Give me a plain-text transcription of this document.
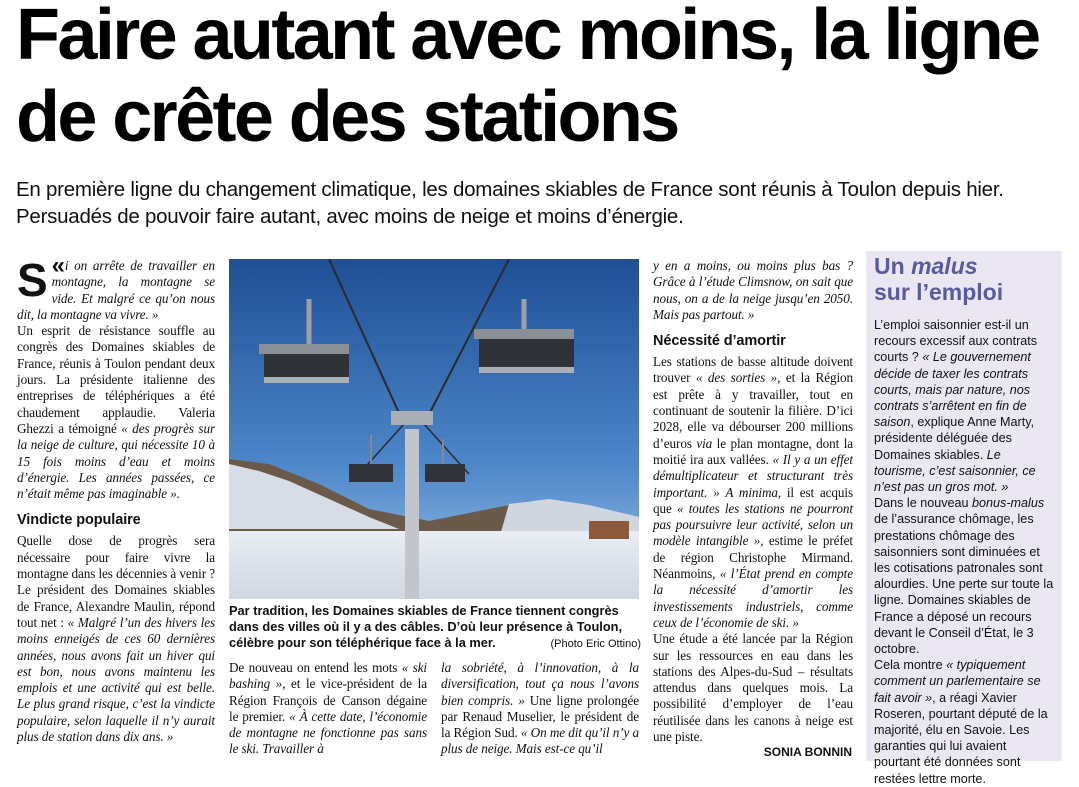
Faire autant avec moins, la ligne de crête des stations

En première ligne du changement climatique, les domaines skiables de France sont réunis à Toulon depuis hier. Persuadés de pouvoir faire autant, avec moins de neige et moins d’énergie.

«
S i on arrête de travailler en montagne, la montagne se vide. Et malgré ce qu’on nous dit, la montagne va vivre. »

Un esprit de résistance souffle au congrès des Domaines skiables de France, réunis à Toulon pendant deux jours. La présidente italienne des entreprises de téléphériques a été chaudement applaudie. Valeria Ghezzi a témoigné « des progrès sur la neige de culture, qui nécessite 10 à 15 fois moins d’eau et moins d’énergie. Les années passées, ce n’était même pas imaginable ».

Vindicte populaire

Quelle dose de progrès sera nécessaire pour faire vivre la montagne dans les décennies à venir ? Le président des Domaines skiables de France, Alexandre Maulin, répond tout net : « Malgré l’un des hivers les moins enneigés de ces 60 dernières années, nous avons fait un hiver qui est bon, nous avons maintenu les emplois et une activité qui est belle. Le plus grand risque, c’est la vindicte populaire, selon laquelle il n’y aurait plus de station dans dix ans. »

Par tradition, les Domaines skiables de France tiennent congrès dans des villes où il y a des câbles. D’où leur présence à Toulon, célèbre pour son téléphérique face à la mer.	(Photo Eric Ottino)

De nouveau on entend les mots « ski bashing », et le vice-président de la Région François de Canson dégaine le premier. « À cette date, l’économie de montagne ne fonctionne pas sans le ski. Travailler à

la sobriété, à l’innovation, à la diversification, tout ça nous l’avons bien compris. » Une ligne prolongée par Renaud Muselier, le président de la Région Sud. « On me dit qu’il n’y a plus de neige. Mais est-ce qu’il

y en a moins, ou moins plus bas ? Grâce à l’étude Climsnow, on sait que nous, on a de la neige jusqu’en 2050. Mais pas partout. »

Nécessité d’amortir

Les stations de basse altitude doivent trouver « des sorties », et la Région est prête à y travailler, tout en continuant de soutenir la filière. D’ici 2028, elle va débourser 200 millions d’euros via le plan montagne, dont la moitié ira aux vallées. « Il y a un effet démultiplicateur et structurant très important. » A minima, il est acquis que « toutes les stations ne pourront pas poursuivre leur activité, selon un modèle intangible », estime le préfet de région Christophe Mirmand. Néanmoins, « l’État prend en compte la nécessité d’amortir les investissements industriels, comme ceux de l’économie de ski. »

Une étude a été lancée par la Région sur les ressources en eau dans les stations des Alpes-du-Sud – résultats attendus dans quelques mois. La possibilité d’employer de l’eau réutilisée dans les canons à neige est une piste.

SONIA BONNIN
Un malus
sur l’emploi

L’emploi saisonnier est-il un recours excessif aux contrats courts ? « Le gouvernement décide de taxer les contrats courts, mais par nature, nos contrats s’arrêtent en fin de saison, explique Anne Marty, présidente déléguée des Domaines skiables. Le tourisme, c’est saisonnier, ce n’est pas un gros mot. »

Dans le nouveau bonus-malus de l’assurance chômage, les prestations chômage des saisonniers sont diminuées et les cotisations patronales sont alourdies. Une perte sur toute la ligne. Domaines skiables de France a déposé un recours devant le Conseil d’État, le 3 octobre.

Cela montre « typiquement comment un parlementaire se fait avoir », a réagi Xavier Roseren, pourtant député de la majorité, élu en Savoie. Les garanties qui lui avaient pourtant été données sont restées lettre morte.
